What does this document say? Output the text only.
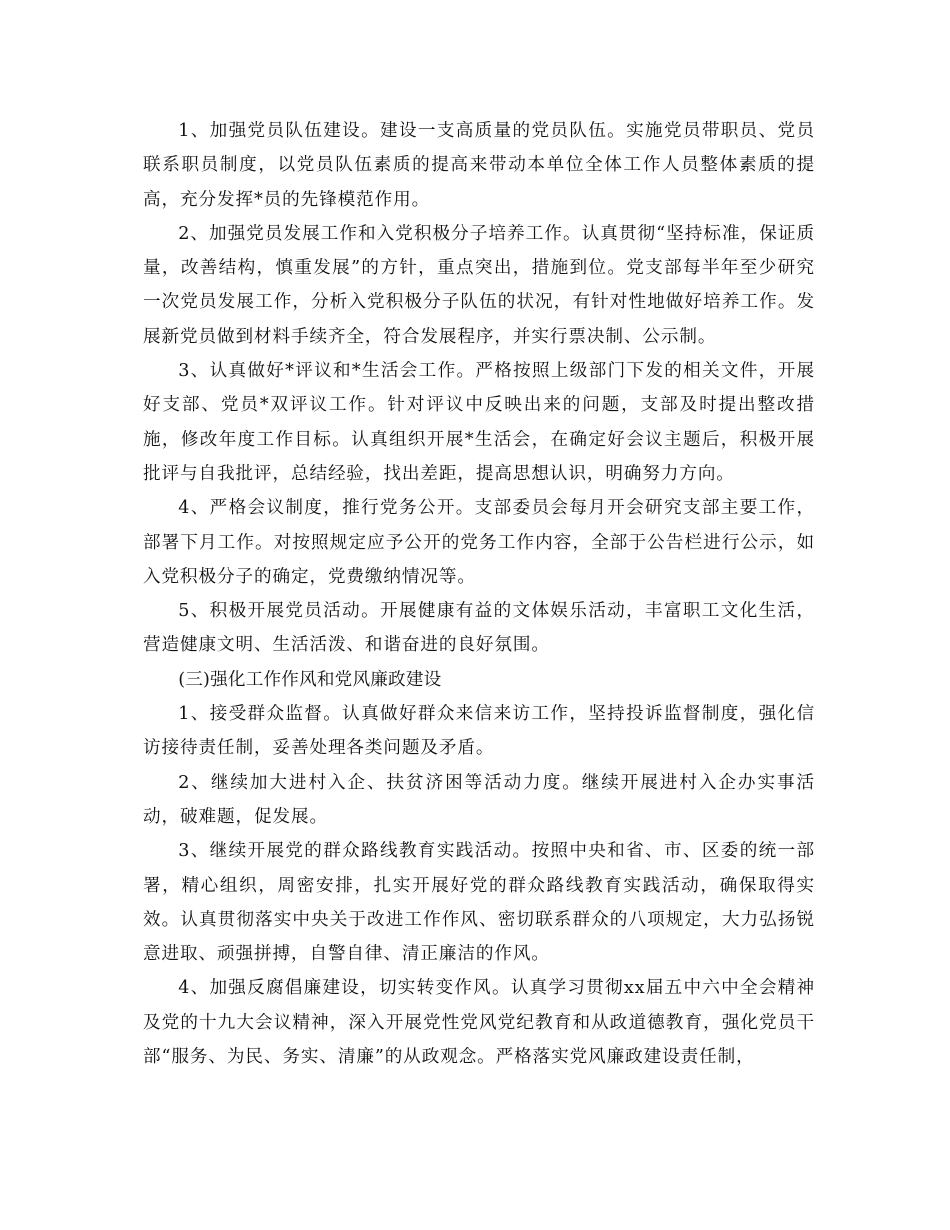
1、加强党员队伍建设。建设一支高质量的党员队伍。实施党员带职员、党员联系职员制度，以党员队伍素质的提高来带动本单位全体工作人员整体素质的提高，充分发挥*员的先锋模范作用。

2、加强党员发展工作和入党积极分子培养工作。认真贯彻“坚持标准，保证质量，改善结构，慎重发展”的方针，重点突出，措施到位。党支部每半年至少研究一次党员发展工作，分析入党积极分子队伍的状况，有针对性地做好培养工作。发展新党员做到材料手续齐全，符合发展程序，并实行票决制、公示制。

3、认真做好*评议和*生活会工作。严格按照上级部门下发的相关文件，开展好支部、党员*双评议工作。针对评议中反映出来的问题，支部及时提出整改措施，修改年度工作目标。认真组织开展*生活会，在确定好会议主题后，积极开展批评与自我批评，总结经验，找出差距，提高思想认识，明确努力方向。

4、严格会议制度，推行党务公开。支部委员会每月开会研究支部主要工作，部署下月工作。对按照规定应予公开的党务工作内容，全部于公告栏进行公示，如入党积极分子的确定，党费缴纳情况等。

5、积极开展党员活动。开展健康有益的文体娱乐活动，丰富职工文化生活，营造健康文明、生活活泼、和谐奋进的良好氛围。

(三)强化工作作风和党风廉政建设

1、接受群众监督。认真做好群众来信来访工作，坚持投诉监督制度，强化信访接待责任制，妥善处理各类问题及矛盾。

2、继续加大进村入企、扶贫济困等活动力度。继续开展进村入企办实事活动，破难题，促发展。

3、继续开展党的群众路线教育实践活动。按照中央和省、市、区委的统一部署，精心组织，周密安排，扎实开展好党的群众路线教育实践活动，确保取得实效。认真贯彻落实中央关于改进工作作风、密切联系群众的八项规定，大力弘扬锐意进取、顽强拼搏，自警自律、清正廉洁的作风。

4、加强反腐倡廉建设，切实转变作风。认真学习贯彻xx届五中六中全会精神及党的十九大会议精神，深入开展党性党风党纪教育和从政道德教育，强化党员干部“服务、为民、务实、清廉”的从政观念。严格落实党风廉政建设责任制，
